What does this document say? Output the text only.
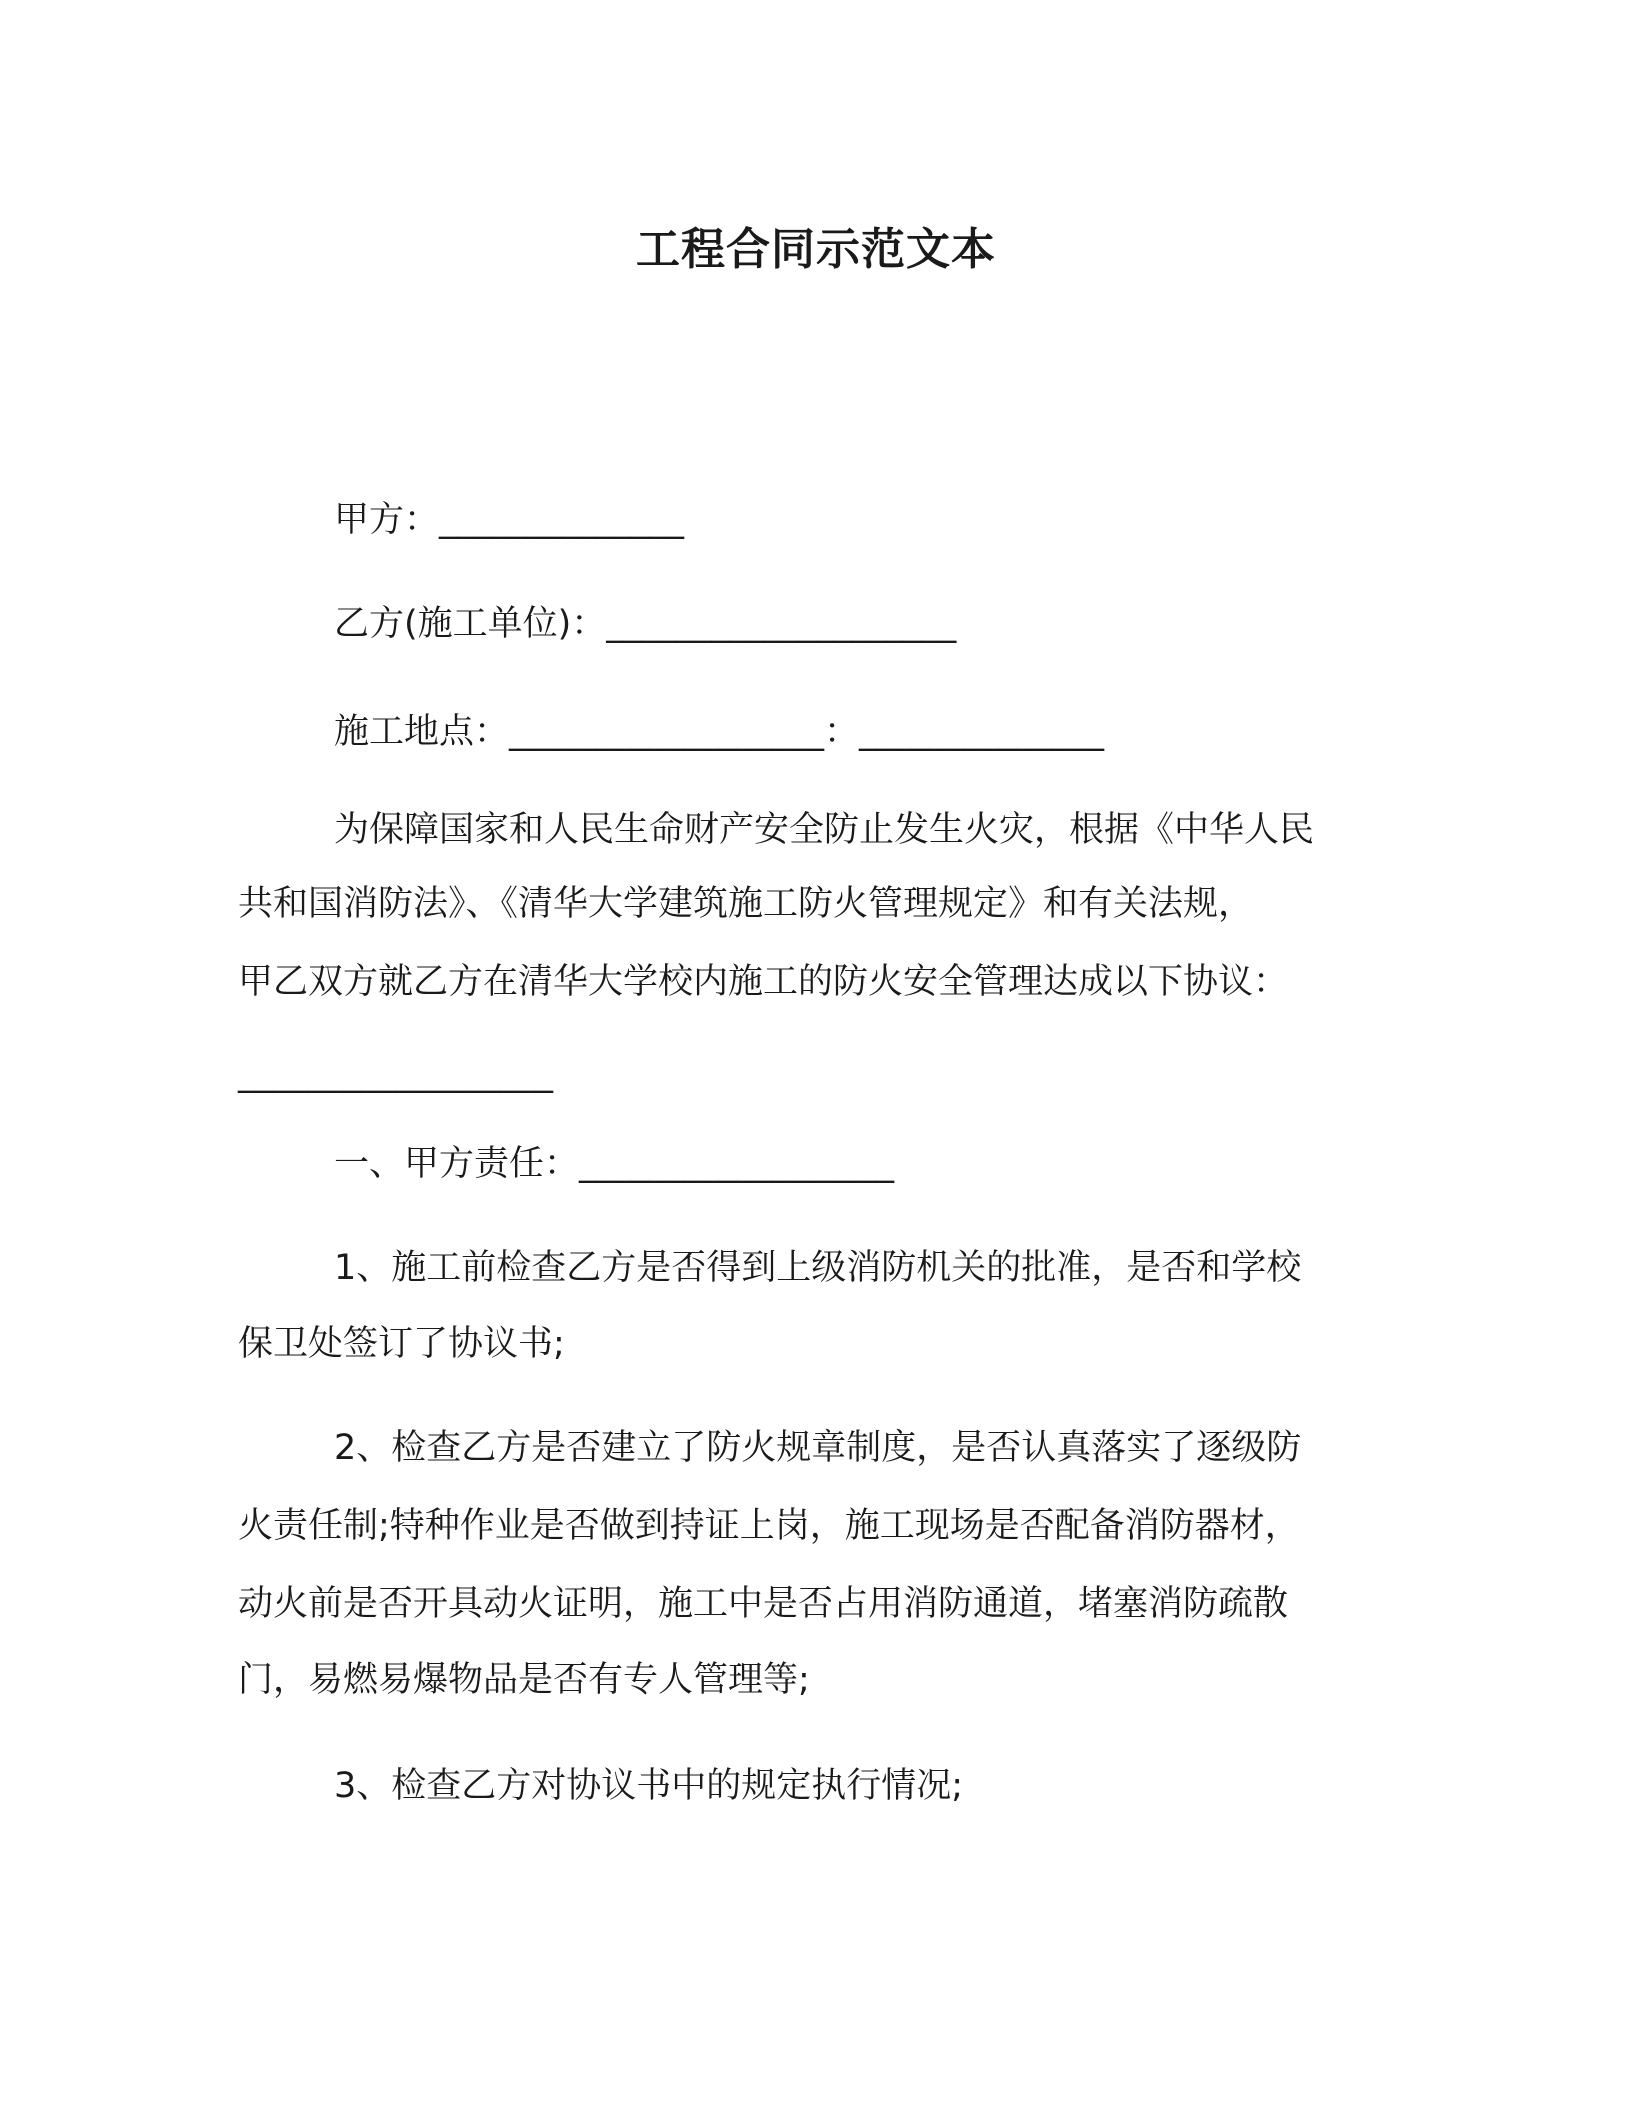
工程合同示范文本
甲方：______________
乙方(施工单位)：____________________
施工地点：__________________：______________
为保障国家和人民生命财产安全防止发生火灾，根据《中华人民
共和国消防法》、《清华大学建筑施工防火管理规定》和有关法规，
甲乙双方就乙方在清华大学校内施工的防火安全管理达成以下协议：
__________________
一、甲方责任：__________________
1、施工前检查乙方是否得到上级消防机关的批准，是否和学校
保卫处签订了协议书;
2、检查乙方是否建立了防火规章制度，是否认真落实了逐级防
火责任制;特种作业是否做到持证上岗，施工现场是否配备消防器材，
动火前是否开具动火证明，施工中是否占用消防通道，堵塞消防疏散
门，易燃易爆物品是否有专人管理等;
3、检查乙方对协议书中的规定执行情况;
